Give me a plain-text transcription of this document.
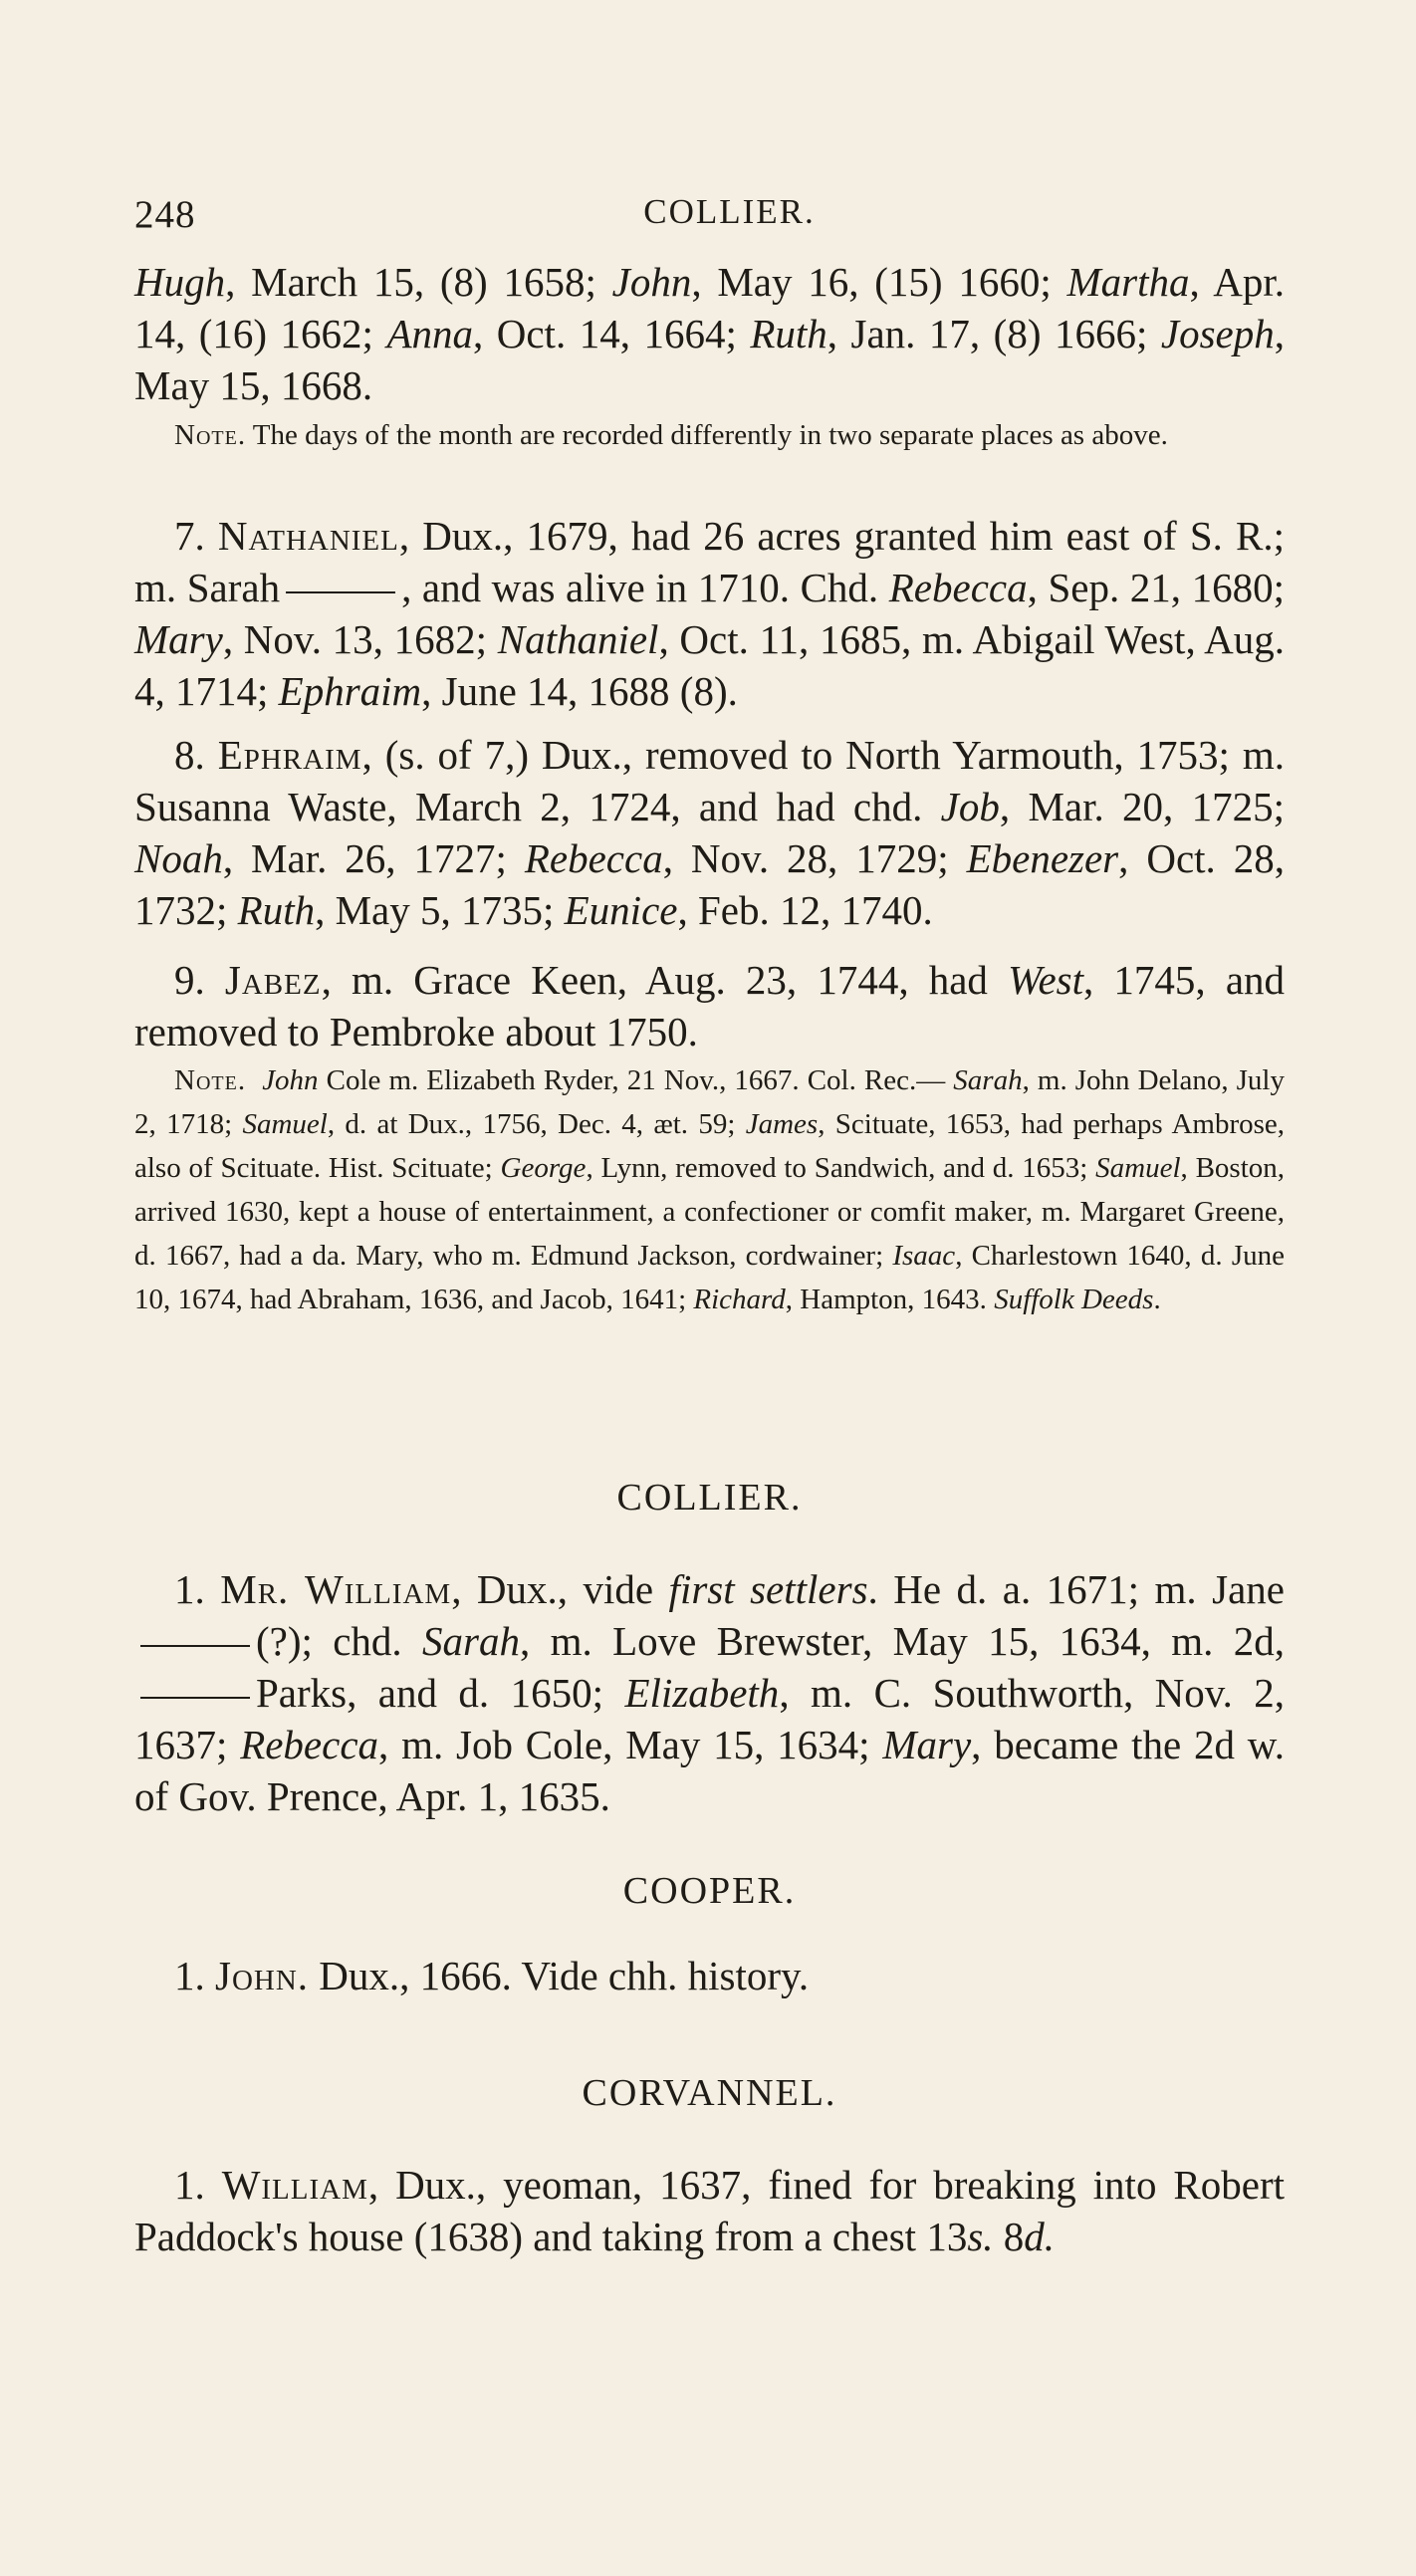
248	COLLIER.

Hugh, March 15, (8) 1658; John, May 16, (15) 1660; Martha, Apr. 14, (16) 1662; Anna, Oct. 14, 1664; Ruth, Jan. 17, (8) 1666; Joseph, May 15, 1668.

Note. The days of the month are recorded differently in two separate places as above.

7. Nathaniel, Dux., 1679, had 26 acres granted him east of S. R.; m. Sarah	, and was alive in 1710. Chd. Rebecca, Sep. 21, 1680; Mary, Nov. 13, 1682; Nathaniel, Oct. 11, 1685, m. Abigail West, Aug. 4, 1714; Ephraim, June 14, 1688 (8).

8. Ephraim, (s. of 7,) Dux., removed to North Yarmouth, 1753; m. Susanna Waste, March 2, 1724, and had chd. Job, Mar. 20, 1725; Noah, Mar. 26, 1727; Rebecca, Nov. 28, 1729; Ebenezer, Oct. 28, 1732; Ruth, May 5, 1735; Eunice, Feb. 12, 1740.

9. Jabez, m. Grace Keen, Aug. 23, 1744, had West, 1745, and removed to Pembroke about 1750.

Note. John Cole m. Elizabeth Ryder, 21 Nov., 1667. Col. Rec.— Sarah, m. John Delano, July 2, 1718; Samuel, d. at Dux., 1756, Dec. 4, æt. 59; James, Scituate, 1653, had perhaps Ambrose, also of Scituate. Hist. Scituate; George, Lynn, removed to Sandwich, and d. 1653; Samuel, Boston, arrived 1630, kept a house of entertainment, a confectioner or comfit maker, m. Margaret Greene, d. 1667, had a da. Mary, who m. Edmund Jackson, cordwainer; Isaac, Charlestown 1640, d. June 10, 1674, had Abraham, 1636, and Jacob, 1641; Richard, Hampton, 1643. Suffolk Deeds.

COLLIER.

1. Mr. William, Dux., vide first settlers. He d. a. 1671; m. Jane(?); chd. Sarah, m. Love Brewster, May 15, 1634, m. 2d,Parks, and d. 1650; Elizabeth, m. C. Southworth, Nov. 2, 1637; Rebecca, m. Job Cole, May 15, 1634; Mary, became the 2d w. of Gov. Prence, Apr. 1, 1635.

COOPER.

1. John. Dux., 1666. Vide chh. history.

CORVANNEL.

1. William, Dux., yeoman, 1637, fined for breaking into Robert Paddock's house (1638) and taking from a chest 13s. 8d.
